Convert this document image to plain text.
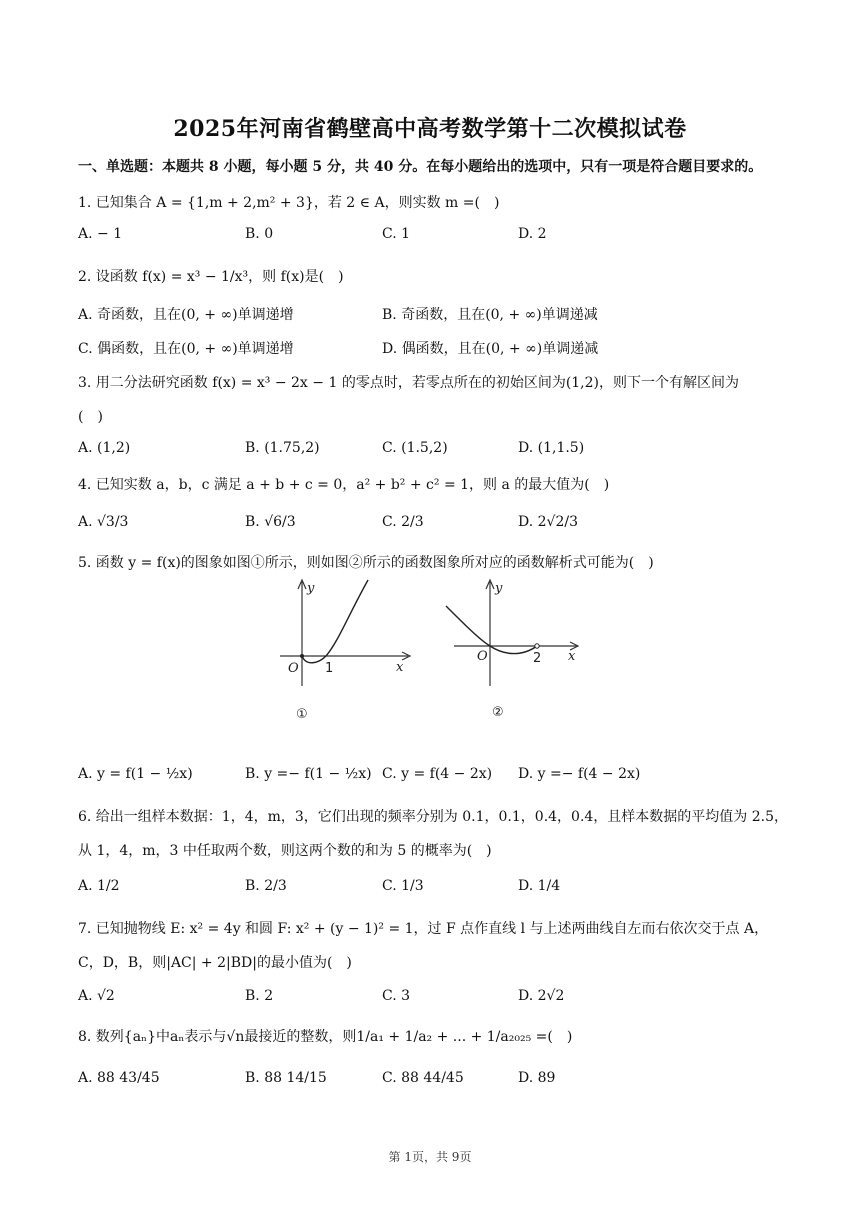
2025年河南省鹤壁高中高考数学第十二次模拟试卷
一、单选题：本题共 8 小题，每小题 5 分，共 40 分。在每小题给出的选项中，只有一项是符合题目要求的。
1. 已知集合 A = {1,m + 2,m² + 3}，若 2 ∈ A，则实数 m =(　)
A. − 1	B. 0	C. 1	D. 2
2. 设函数 f(x) = x³ − 1/x³，则 f(x)是(　)
A. 奇函数，且在(0, + ∞)单调递增	B. 奇函数，且在(0, + ∞)单调递减
C. 偶函数，且在(0, + ∞)单调递增	D. 偶函数，且在(0, + ∞)单调递减
3. 用二分法研究函数 f(x) = x³ − 2x − 1 的零点时，若零点所在的初始区间为(1,2)，则下一个有解区间为
(　)
A. (1,2)	B. (1.75,2)	C. (1.5,2)	D. (1,1.5)
4. 已知实数 a，b，c 满足 a + b + c = 0，a² + b² + c² = 1，则 a 的最大值为(　)
A. √3/3	B. √6/3	C. 2/3	D. 2√2/3
5. 函数 y = f(x)的图象如图①所示，则如图②所示的函数图象所对应的函数解析式可能为(　)
y
x
O 1
①
y
x
O	2
②
A. y = f(1 − ½x)	B. y =− f(1 − ½x) C. y = f(4 − 2x) D. y =− f(4 − 2x)
6. 给出一组样本数据：1，4，m，3，它们出现的频率分别为 0.1，0.1，0.4，0.4，且样本数据的平均值为 2.5，
从 1，4，m，3 中任取两个数，则这两个数的和为 5 的概率为(　)
A. 1/2	B. 2/3	C. 1/3	D. 1/4
7. 已知抛物线 E: x² = 4y 和圆 F: x² + (y − 1)² = 1，过 F 点作直线 l 与上述两曲线自左而右依次交于点 A，
C，D，B，则|AC| + 2|BD|的最小值为(　)
A. √2	B. 2	C. 3	D. 2√2
8. 数列{aₙ}中aₙ表示与√n最接近的整数，则1/a₁ + 1/a₂ + ... + 1/a₂₀₂₅ =(　)
A. 88 43/45	B. 88 14/15	C. 88 44/45	D. 89
第 1页，共 9页
